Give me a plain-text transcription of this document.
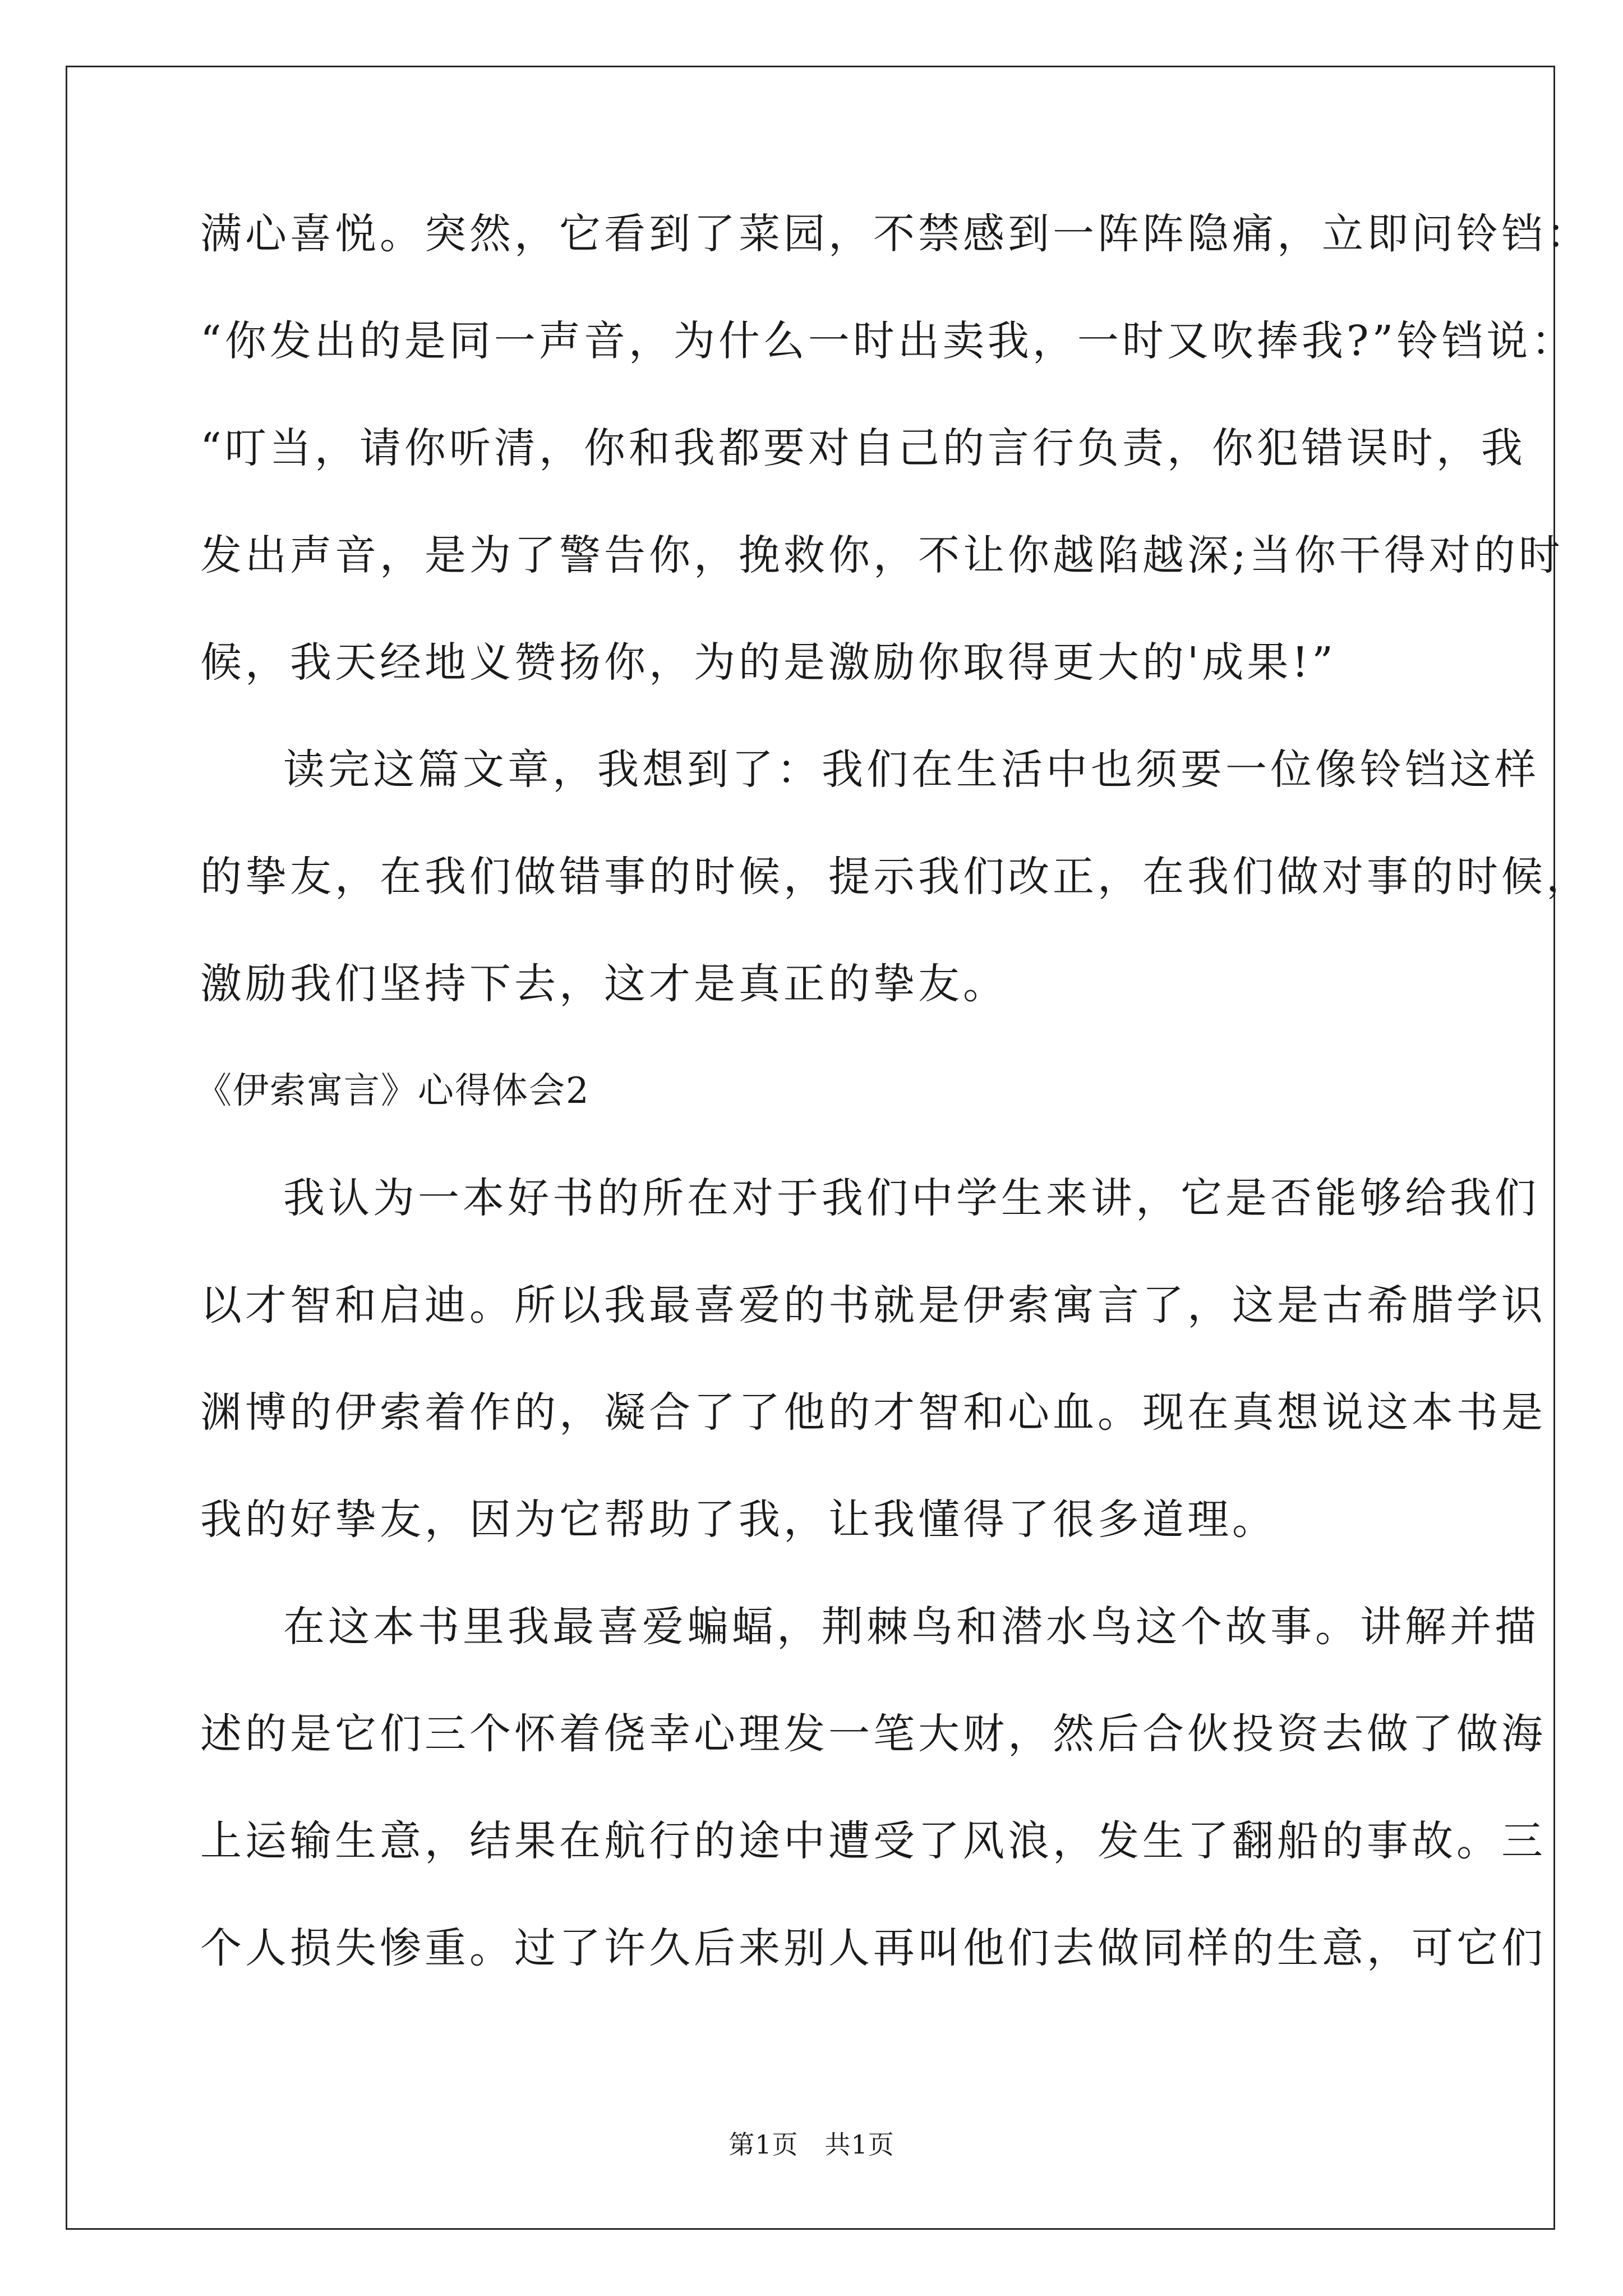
满心喜悦。突然，它看到了菜园，不禁感到一阵阵隐痛，立即问铃铛：
“你发出的是同一声音，为什么一时出卖我，一时又吹捧我?”铃铛说：
“叮当，请你听清，你和我都要对自己的言行负责，你犯错误时，我
发出声音，是为了警告你，挽救你，不让你越陷越深;当你干得对的时
候，我天经地义赞扬你，为的是激励你取得更大的'成果!”
读完这篇文章，我想到了：我们在生活中也须要一位像铃铛这样
的挚友，在我们做错事的时候，提示我们改正，在我们做对事的时候，
激励我们坚持下去，这才是真正的挚友。
《伊索寓言》心得体会2
我认为一本好书的所在对于我们中学生来讲，它是否能够给我们
以才智和启迪。所以我最喜爱的书就是伊索寓言了，这是古希腊学识
渊博的伊索着作的，凝合了了他的才智和心血。现在真想说这本书是
我的好挚友，因为它帮助了我，让我懂得了很多道理。
在这本书里我最喜爱蝙蝠，荆棘鸟和潜水鸟这个故事。讲解并描
述的是它们三个怀着侥幸心理发一笔大财，然后合伙投资去做了做海
上运输生意，结果在航行的途中遭受了风浪，发生了翻船的事故。三
个人损失惨重。过了许久后来别人再叫他们去做同样的生意，可它们
第1页　共1页
